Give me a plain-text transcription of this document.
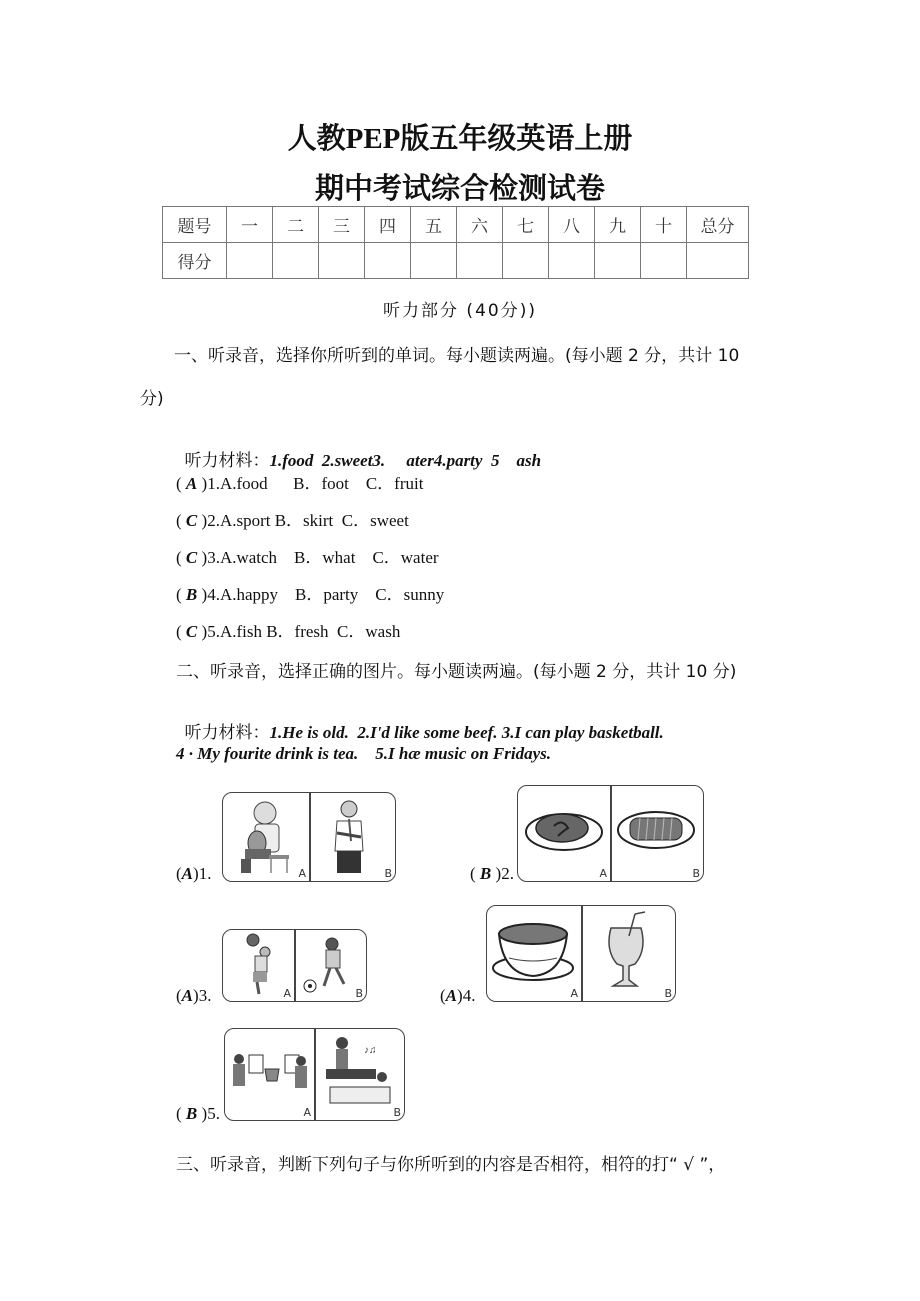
人教PEP版五年级英语上册
期中考试综合检测试卷
题号	一	二	三	四	五	六	七	八	九	十	总分
得分											
听力部分 (40分))
一、听录音，选择你所听到的单词。每小题读两遍。(每小题 2 分，共计 10
分)

听力材料：1.food  2.sweet3.     ater4.party  5    ash

( A )1.A.food      B．foot    C．fruit
( C )2.A.sport B．skirt  C．sweet
( C )3.A.watch    B．what    C．water
( B )4.A.happy    B．party    C．sunny
( C )5.A.fish B．fresh  C．wash
二、听录音，选择正确的图片。每小题读两遍。(每小题 2 分，共计 10 分)

听力材料：1.He is old.  2.I'd like some beef. 3.I can play basketball.

4 · My fourite drink is teɑ.    5.I hæ music on Fridays.
(A)1.	A	B	( B )2.	A	B
(A)3.	A	B	(A)4.	A	B
( B )5.	A
♪♫
B
三、听录音，判断下列句子与你所听到的内容是否相符，相符的打“ √ ”，
